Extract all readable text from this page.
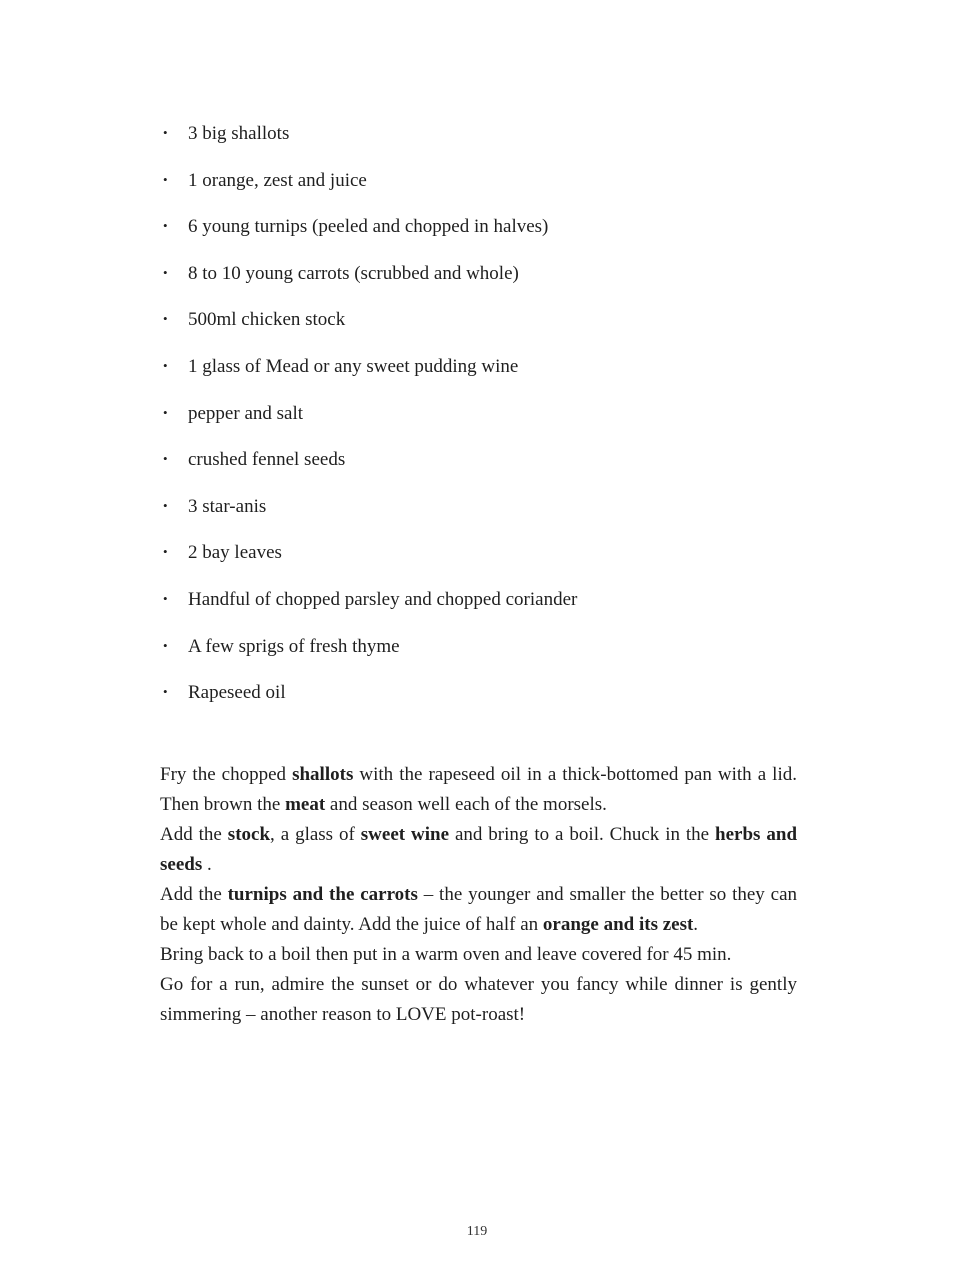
• 3 big shallots
• 1 orange, zest and juice
• 6 young turnips (peeled and chopped in halves)
• 8 to 10 young carrots (scrubbed and whole)
• 500ml chicken stock
• 1 glass of Mead or any sweet pudding wine
• pepper and salt
• crushed fennel seeds
• 3 star-anis
• 2 bay leaves
• Handful of chopped parsley and chopped coriander
• A few sprigs of fresh thyme
• Rapeseed oil

Fry the chopped shallots with the rapeseed oil in a thick-bottomed pan with a lid. Then brown the meat and season well each of the morsels.

Add the stock, a glass of sweet wine and bring to a boil. Chuck in the herbs and seeds .

Add the turnips and the carrots – the younger and smaller the better so they can be kept whole and dainty. Add the juice of half an orange and its zest.

Bring back to a boil then put in a warm oven and leave covered for 45 min.

Go for a run, admire the sunset or do whatever you fancy while dinner is gently simmering – another reason to LOVE pot-roast!

119
